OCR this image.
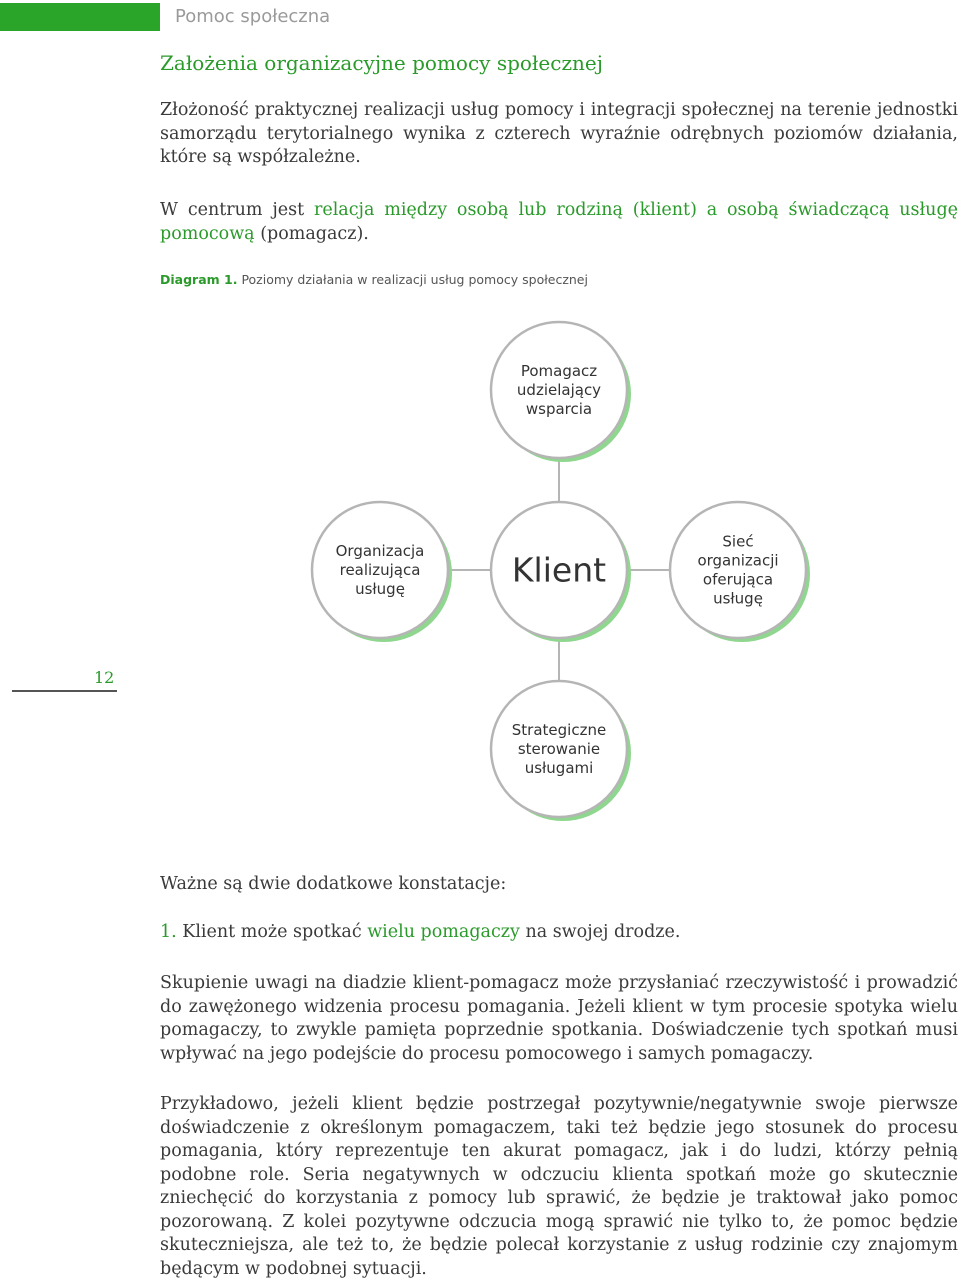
Pomoc społeczna
Założenia organizacyjne pomocy społecznej

Złożoność praktycznej realizacji usług pomocy i integracji społecznej na terenie jednostki samorządu terytorialnego wynika z czterech wyraźnie odrębnych poziomów działania, które są współzależne.

W centrum jest relacja między osobą lub rodziną (klient) a osobą świadczącą usługę pomocową (pomagacz).

Diagram 1. Poziomy działania w realizacji usług pomocy społecznej
Pomagacz
udzielający
wsparcia
Organizacja
realizująca
usługę	Klient
Sieć
organizacji
oferująca
usługę
Strategiczne
sterowanie
usługami
12

Ważne są dwie dodatkowe konstatacje:

1. Klient może spotkać wielu pomagaczy na swojej drodze.

Skupienie uwagi na diadzie klient-pomagacz może przysłaniać rzeczywistość i prowadzić do zawężonego widzenia procesu pomagania. Jeżeli klient w tym procesie spotyka wielu pomagaczy, to zwykle pamięta poprzednie spotkania. Doświadczenie tych spotkań musi wpływać na jego podejście do procesu pomocowego i samych pomagaczy.

Przykładowo, jeżeli klient będzie postrzegał pozytywnie/negatywnie swoje pierwsze doświadczenie z określonym pomagaczem, taki też będzie jego stosunek do procesu pomagania, który reprezentuje ten akurat pomagacz, jak i do ludzi, którzy pełnią podobne role. Seria negatywnych w odczuciu klienta spotkań może go skutecznie zniechęcić do korzystania z pomocy lub sprawić, że będzie je traktował jako pomoc pozorowaną. Z kolei pozytywne odczucia mogą sprawić nie tylko to, że pomoc będzie skuteczniejsza, ale też to, że będzie polecał korzystanie z usług rodzinie czy znajomym będącym w podobnej sytuacji.
